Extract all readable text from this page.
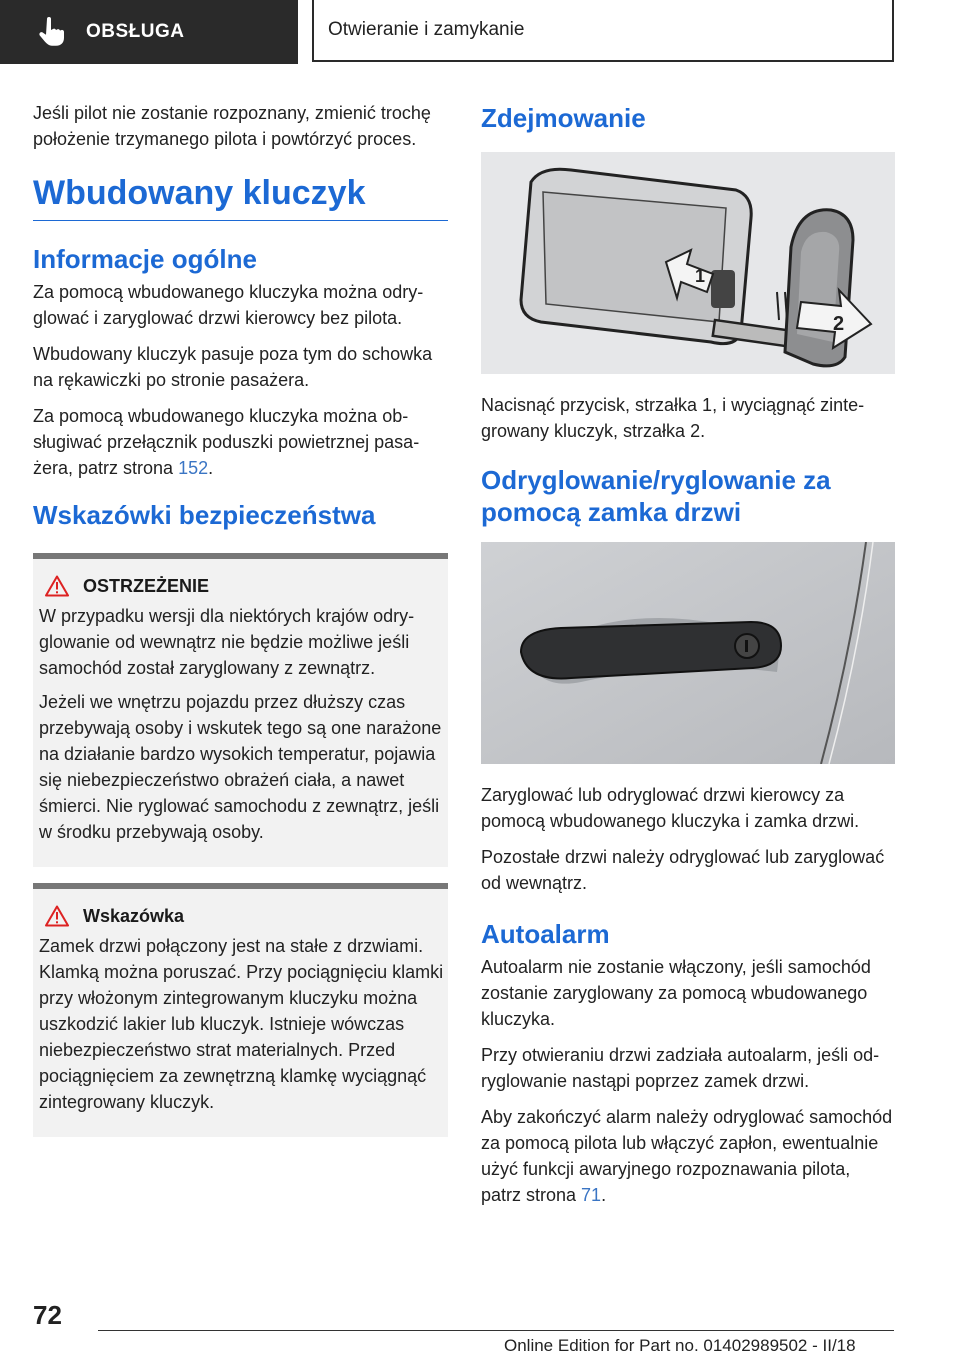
OBSŁUGA	Otwieranie i zamykanie

Jeśli pilot nie zostanie rozpoznany, zmienić trochę położenie trzymanego pilota i powtórzyć proces.

Wbudowany kluczyk
Informacje ogólne

Za pomocą wbudowanego kluczyka można odryglować i zaryglować drzwi kierowcy bez pilota.

Wbudowany kluczyk pasuje poza tym do schowka na rękawiczki po stronie pasażera.

Za pomocą wbudowanego kluczyka można obsługiwać przełącznik poduszki powietrznej pasażera, patrz strona 152.

Wskazówki bezpieczeństwa
OSTRZEŻENIE

W przypadku wersji dla niektórych krajów odryglowanie od wewnątrz nie będzie możliwe jeśli samochód został zaryglowany z zewnątrz.

Jeżeli we wnętrzu pojazdu przez dłuższy czas przebywają osoby i wskutek tego są one narażone na działanie bardzo wysokich temperatur, pojawia się niebezpieczeństwo obrażeń ciała, a nawet śmierci. Nie ryglować samochodu z zewnątrz, jeśli w środku przebywają osoby.

Wskazówka

Zamek drzwi połączony jest na stałe z drzwiami. Klamką można poruszać. Przy pociągnięciu klamki przy włożonym zintegrowanym kluczyku można uszkodzić lakier lub kluczyk. Istnieje wówczas niebezpieczeństwo strat materialnych. Przed pociągnięciem za zewnętrzną klamkę wyciągnąć zintegrowany kluczyk.

Zdejmowanie
1
2

Nacisnąć przycisk, strzałka 1, i wyciągnąć zintegrowany kluczyk, strzałka 2.

Odryglowanie/ryglowanie za pomocą zamka drzwi

Zaryglować lub odryglować drzwi kierowcy za pomocą wbudowanego kluczyka i zamka drzwi.

Pozostałe drzwi należy odryglować lub zaryglować od wewnątrz.

Autoalarm

Autoalarm nie zostanie włączony, jeśli samochód zostanie zaryglowany za pomocą wbudowanego kluczyka.

Przy otwieraniu drzwi zadziała autoalarm, jeśli odryglowanie nastąpi poprzez zamek drzwi.

Aby zakończyć alarm należy odryglować samochód za pomocą pilota lub włączyć zapłon, ewentualnie użyć funkcji awaryjnego rozpoznawania pilota, patrz strona 71.

72
Online Edition for Part no. 01402989502 - II/18
